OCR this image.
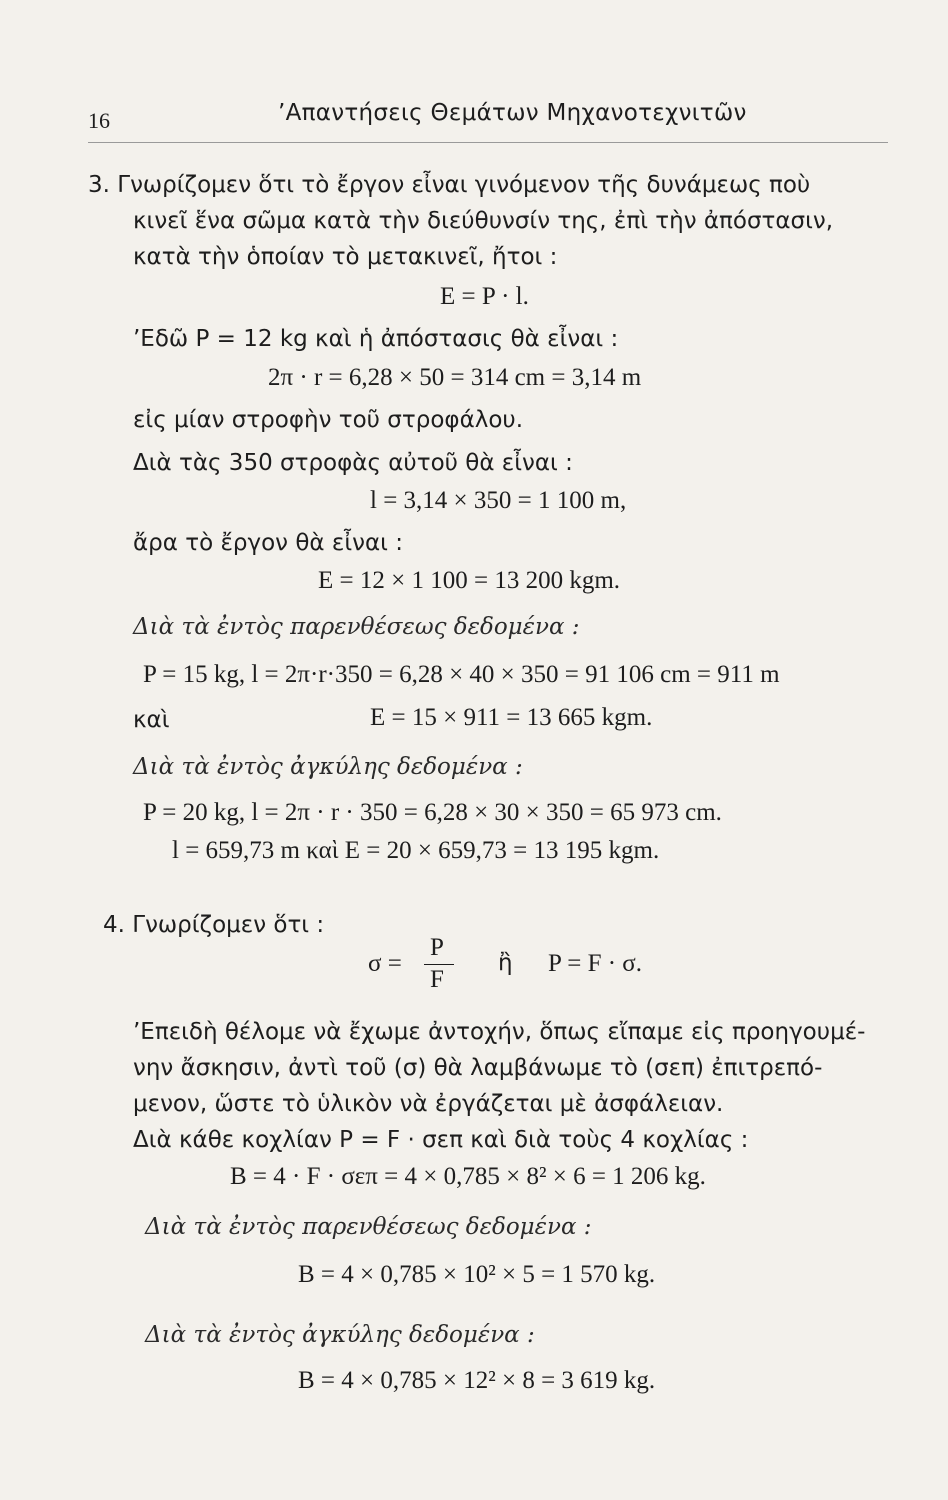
16	’Απαντήσεις Θεμάτων Μηχανοτεχνιτῶν
3. Γνωρίζομεν ὅτι τὸ ἔργον εἶναι γινόμενον τῆς δυνάμεως ποὺ
κινεῖ ἕνα σῶμα κατὰ τὴν διεύθυνσίν της, ἐπὶ τὴν ἀπόστασιν,
κατὰ τὴν ὁποίαν τὸ μετακινεῖ, ἤτοι :
E = P · l.
’Εδῶ P = 12 kg καὶ ἡ ἀπόστασις θὰ εἶναι :
2π · r = 6,28 × 50 = 314 cm = 3,14 m
εἰς μίαν στροφὴν τοῦ στροφάλου.
Διὰ τὰς 350 στροφὰς αὐτοῦ θὰ εἶναι :
l = 3,14 × 350 = 1 100 m,
ἄρα τὸ ἔργον θὰ εἶναι :
E = 12 × 1 100 = 13 200 kgm.
Διὰ τὰ ἐντὸς παρενθέσεως δεδομένα :
P = 15 kg, l = 2π·r·350 = 6,28 × 40 × 350 = 91 106 cm = 911 m
καὶ	E = 15 × 911 = 13 665 kgm.
Διὰ τὰ ἐντὸς ἀγκύλης δεδομένα :
P = 20 kg, l = 2π · r · 350 = 6,28 × 30 × 350 = 65 973 cm.
l = 659,73 m καὶ E = 20 × 659,73 = 13 195 kgm.
4. Γνωρίζομεν ὅτι :
σ =
P
F
ἢ P = F · σ.
’Επειδὴ θέλομε νὰ ἔχωμε ἀντοχήν, ὅπως εἴπαμε εἰς προηγουμέ-
νην ἄσκησιν, ἀντὶ τοῦ (σ) θὰ λαμβάνωμε τὸ (σεπ) ἐπιτρεπό-
μενον, ὥστε τὸ ὑλικὸν νὰ ἐργάζεται μὲ ἀσφάλειαν.
Διὰ κάθε κοχλίαν P = F · σεπ καὶ διὰ τοὺς 4 κοχλίας :
B = 4 · F · σεπ = 4 × 0,785 × 8² × 6 = 1 206 kg.
Διὰ τὰ ἐντὸς παρενθέσεως δεδομένα :
B = 4 × 0,785 × 10² × 5 = 1 570 kg.
Διὰ τὰ ἐντὸς ἀγκύλης δεδομένα :
B = 4 × 0,785 × 12² × 8 = 3 619 kg.
